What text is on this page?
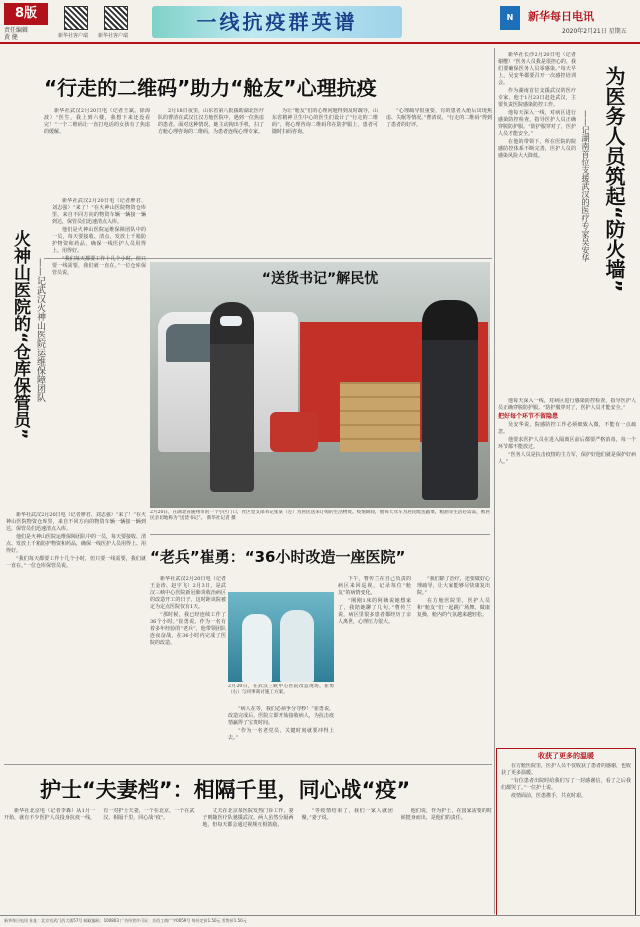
8版
责任编辑
黄 健	新华社客户端 新华社客户端
一线抗疫群英谱	N	新华每日电讯
2020年2月21日 星期五
“行走的二维码”助力“舱友”心理抗疫

新华社武汉2月20日电（记者王斌、徐海波）“医生，我上到六楼，我想下来还没看完！”一个二维码让一直打电话的女孩有了焦虑的缓解。

2月18日夜里，山东省第八批援助湖北医疗队的曹清在武汉江汉方舱医院中，遇到一位焦虑的患者。面对这种情况，她主动掏出手机，扫了方舱心理咨询的二维码，为患者连线心理专家。

为让“舱友”们的心理问题得到及时疏导，山东省精神卫生中心的医生们设计了“行走的二维码”，将心理咨询二维码印在防护服上，患者可随时扫码咨询。

“心理疏导很重要，有的患者入舱后出现焦虑、失眠等情况。”曹清说，“行走的二维码”得到了患者的好评。

火神山医院的“仓库保管员” ——记武汉火神山医院运维保障团队

新华社武汉2月20日电（记者廖君、刘志强）“来了！”在火神山医院物资仓库里，来自不同方向的物资车辆一辆接一辆到达，保管员们迅速清点入库。

他们是火神山医院运维保障团队中的一员，每天要接收、清点、发放上千箱防护物资和药品，确保一线医护人员用得上、用得好。

“我们每天都要工作十几个小时，但只要一线需要，我们就一直在。”一位仓库保管员说。

新华社武汉2月20日电（记者廖君、刘志强）“来了！”在火神山医院物资仓库里，来自不同方向的物资车辆一辆接一辆到达，保管员们迅速清点入库。

他们是火神山医院运维保障团队中的一员，每天要接收、清点、发放上千箱防护物资和药品，确保一线医护人员用得上、用得好。

“我们每天都要工作十几个小时，但只要一线需要，我们就一直在。”一位仓库保管员说。

“送货书记”解民忧
2月20日，在湖北省随州市的一个小区门口，社区党支部书记张某（左）为居民送来订购的生活物资。疫情期间，他每天驾车为居民配送蔬菜、粮油等生活必需品，被居民亲切地称为“送货书记”。 新华社记者 摄
“老兵”崔勇：“36小时改造一座医院”

新华社武汉2月20日电（记者王金涛、赵宇飞）2月3日，是武汉三峡中心医院新冠肺炎收治病区的改造开工的日子，这时距该院被定为定点医院仅有1天。

“那时候，我已经连续工作了36个小时。”崔勇说。作为一名有着多年经验的“老兵”，他带领团队连夜奋战，在36小时内完成了医院的改造。

2月20日，在武汉三峡中心医院改造现场，崔勇（右）与同事商讨施工方案。

“病人在等，我们必须争分夺秒！”崔勇说，改造完成后，医院立即开始接收病人，为抗击疫情赢得了宝贵时间。

“作为一名老党员，关键时刻就要冲得上去。”

下午，曹传兰在自己负责的病区来回巡视，记录每位“舱友”的病情变化。

“刚刚1床的阿姨说她想家了，我陪她聊了几句。”曹传兰说，病区里很多患者都经历了亲人离世，心理压力很大。

“我们除了治疗，还要做好心理疏导，让大家能够尽快康复出院。”

在方舱医院里，医护人员和“舱友”们一起跳广场舞、做康复操，舱内的气氛越来越轻松。

护士“夫妻档”：相隔千里，同心战“疫”

新华社北京电（记者李森）从1月一开始，就有不少医护人员投身抗疫一线，有一对护士夫妻，一个在北京，一个在武汉，相隔千里，同心战“疫”。

丈夫在北京某医院发热门诊工作，妻子则随医疗队驰援武汉。两人虽然分隔两地，但每天都会通过视频互相鼓励。

“等疫情结束了，我们一家人就团聚。”妻子说。

他们说，作为护士，在国家需要的时候挺身而出，是他们的责任。

为医务人员筑起“防火墙”
——记湖南首位支援武汉的医疗专家吴安华

新华社长沙2月20日电（记者谢樱）“医务人员我是很担心的，我们要确保医务人员零感染。”每天早上，吴安华都要召开一次感控培训会。

作为湖南首位支援武汉的医疗专家，他于1月23日赶赴武汉，主要负责医院感染防控工作。

他每天深入一线，对病区进行感染防控检查，指导医护人员正确穿脱防护服。“防护服穿对了，医护人员才能安全。”

在他的带领下，所在医院的院感防控体系不断完善，医护人员的感染风险大大降低。

他每天深入一线，对病区进行感染防控检查，指导医护人员正确穿脱防护服。“防护服穿对了，医护人员才能安全。”

把好每个环节不留隐患

吴安华说，院感防控工作必须细致入微，不能有一点疏忽。

他要求医护人员在进入隔离区前后都要严格消毒，每一个环节都不能放过。

“医务人员是抗击疫情的主力军，保护好他们就是保护好病人。”

收获了更多的温暖

在方舱医院里，医护人员不仅收获了患者的感谢，也收获了更多温暖。

“有位患者出院时给我们写了一封感谢信，看了之后我们都哭了。”一位护士说。

疫情面前，医患携手，共克时艰。

新华每日电讯 社址：北京宣武门西大街57号 邮政编码：100803 广告经营许可证：京西工商广字0059号 每份定价1.50元 零售价1.50元
